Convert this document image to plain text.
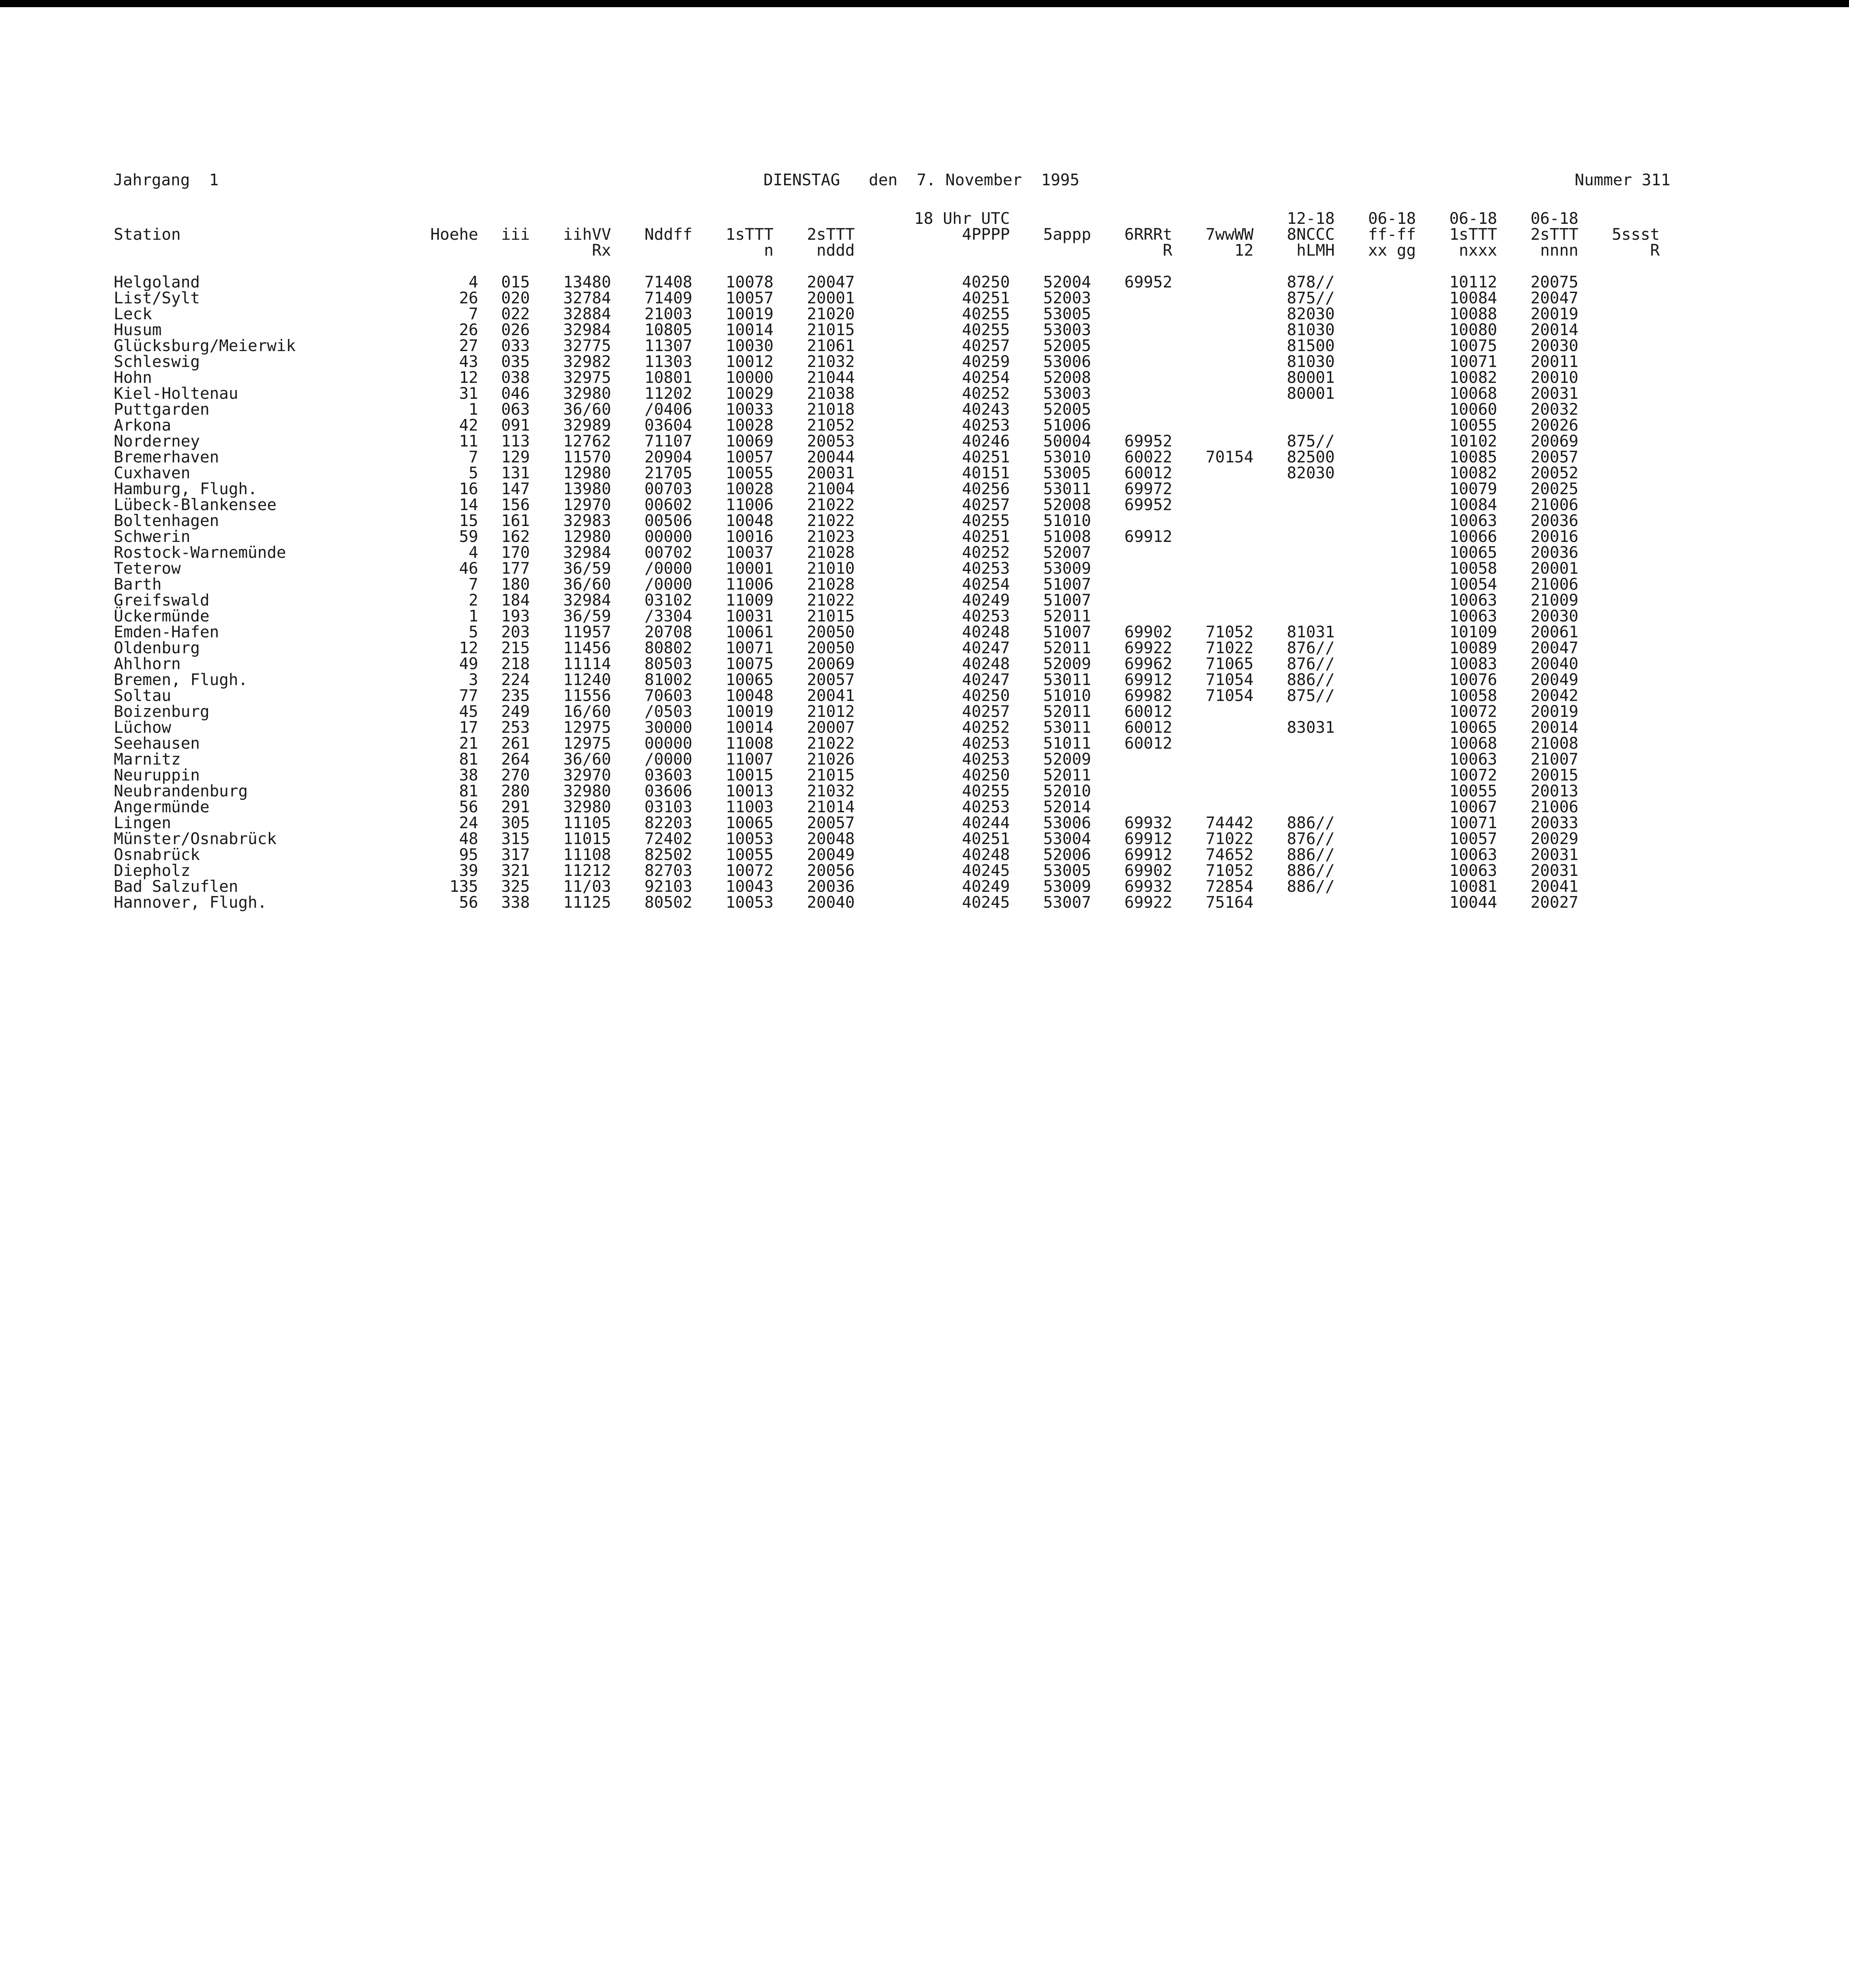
Jahrgang  1	DIENSTAG   den  7. November  1995	Nummer 311
							18 Uhr UTC				12-18	06-18	06-18	06-18	
Station	Hoehe	iii	iihVV	Nddff	1sTTT	2sTTT	4PPPP	5appp	6RRRt	7wwWW	8NCCC	ff-ff	1sTTT	2sTTT	5ssst
			Rx		n	nddd			R	12	hLMH	xx gg	nxxx	nnnn	R

Helgoland	4	015	13480	71408	10078	20047	40250	52004	69952		878//		10112	20075	
List/Sylt	26	020	32784	71409	10057	20001	40251	52003			875//		10084	20047	
Leck	7	022	32884	21003	10019	21020	40255	53005			82030		10088	20019	
Husum	26	026	32984	10805	10014	21015	40255	53003			81030		10080	20014	
Glücksburg/Meierwik	27	033	32775	11307	10030	21061	40257	52005			81500		10075	20030	
Schleswig	43	035	32982	11303	10012	21032	40259	53006			81030		10071	20011	
Hohn	12	038	32975	10801	10000	21044	40254	52008			80001		10082	20010	
Kiel-Holtenau	31	046	32980	11202	10029	21038	40252	53003			80001		10068	20031	
Puttgarden	1	063	36/60	/0406	10033	21018	40243	52005					10060	20032	
Arkona	42	091	32989	03604	10028	21052	40253	51006					10055	20026	
Norderney	11	113	12762	71107	10069	20053	40246	50004	69952		875//		10102	20069	
Bremerhaven	7	129	11570	20904	10057	20044	40251	53010	60022	70154	82500		10085	20057	
Cuxhaven	5	131	12980	21705	10055	20031	40151	53005	60012		82030		10082	20052	
Hamburg, Flugh.	16	147	13980	00703	10028	21004	40256	53011	69972				10079	20025	
Lübeck-Blankensee	14	156	12970	00602	11006	21022	40257	52008	69952				10084	21006	
Boltenhagen	15	161	32983	00506	10048	21022	40255	51010					10063	20036	
Schwerin	59	162	12980	00000	10016	21023	40251	51008	69912				10066	20016	
Rostock-Warnemünde	4	170	32984	00702	10037	21028	40252	52007					10065	20036	
Teterow	46	177	36/59	/0000	10001	21010	40253	53009					10058	20001	
Barth	7	180	36/60	/0000	11006	21028	40254	51007					10054	21006	
Greifswald	2	184	32984	03102	11009	21022	40249	51007					10063	21009	
Ückermünde	1	193	36/59	/3304	10031	21015	40253	52011					10063	20030	
Emden-Hafen	5	203	11957	20708	10061	20050	40248	51007	69902	71052	81031		10109	20061	
Oldenburg	12	215	11456	80802	10071	20050	40247	52011	69922	71022	876//		10089	20047	
Ahlhorn	49	218	11114	80503	10075	20069	40248	52009	69962	71065	876//		10083	20040	
Bremen, Flugh.	3	224	11240	81002	10065	20057	40247	53011	69912	71054	886//		10076	20049	
Soltau	77	235	11556	70603	10048	20041	40250	51010	69982	71054	875//		10058	20042	
Boizenburg	45	249	16/60	/0503	10019	21012	40257	52011	60012				10072	20019	
Lüchow	17	253	12975	30000	10014	20007	40252	53011	60012		83031		10065	20014	
Seehausen	21	261	12975	00000	11008	21022	40253	51011	60012				10068	21008	
Marnitz	81	264	36/60	/0000	11007	21026	40253	52009					10063	21007	
Neuruppin	38	270	32970	03603	10015	21015	40250	52011					10072	20015	
Neubrandenburg	81	280	32980	03606	10013	21032	40255	52010					10055	20013	
Angermünde	56	291	32980	03103	11003	21014	40253	52014					10067	21006	
Lingen	24	305	11105	82203	10065	20057	40244	53006	69932	74442	886//		10071	20033	
Münster/Osnabrück	48	315	11015	72402	10053	20048	40251	53004	69912	71022	876//		10057	20029	
Osnabrück	95	317	11108	82502	10055	20049	40248	52006	69912	74652	886//		10063	20031	
Diepholz	39	321	11212	82703	10072	20056	40245	53005	69902	71052	886//		10063	20031	
Bad Salzuflen	135	325	11/03	92103	10043	20036	40249	53009	69932	72854	886//		10081	20041	
Hannover, Flugh.	56	338	11125	80502	10053	20040	40245	53007	69922	75164			10044	20027	
